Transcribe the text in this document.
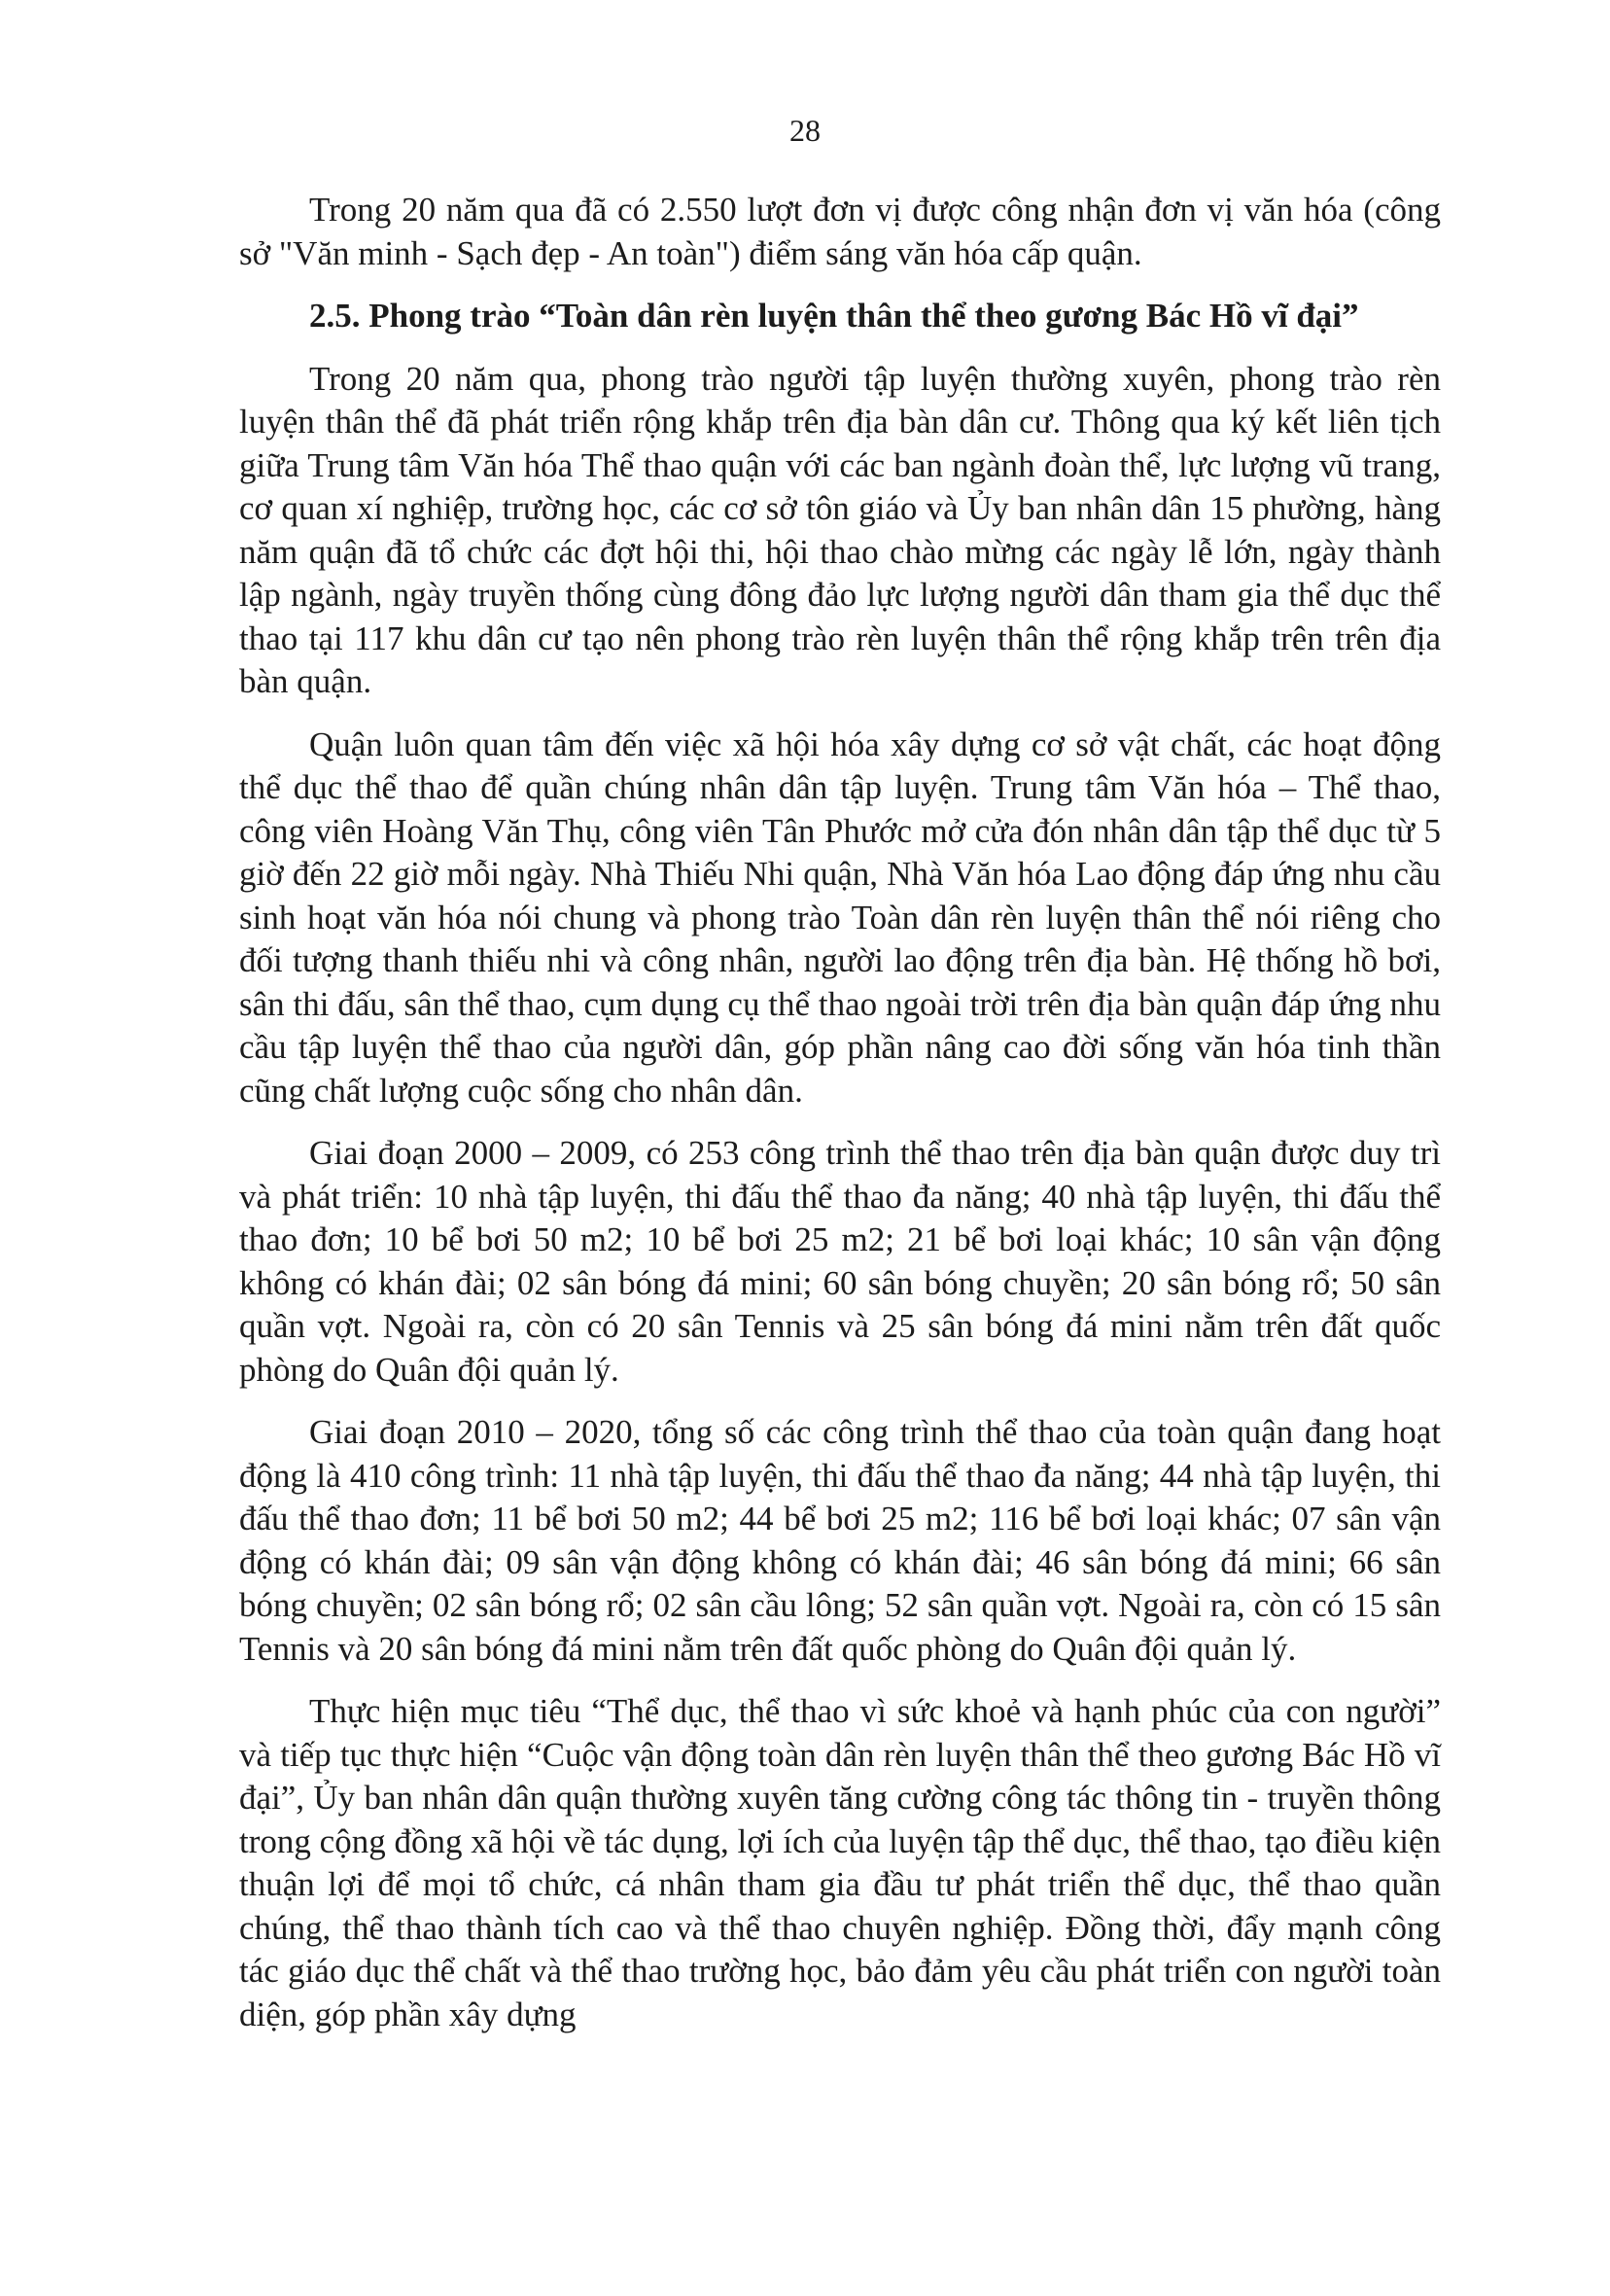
28

Trong 20 năm qua đã có 2.550 lượt đơn vị được công nhận đơn vị văn hóa (công sở "Văn minh - Sạch đẹp - An toàn") điểm sáng văn hóa cấp quận.

2.5. Phong trào “Toàn dân rèn luyện thân thể theo gương Bác Hồ vĩ đại”

Trong 20 năm qua, phong trào người tập luyện thường xuyên, phong trào rèn luyện thân thể đã phát triển rộng khắp trên địa bàn dân cư. Thông qua ký kết liên tịch giữa Trung tâm Văn hóa Thể thao quận với các ban ngành đoàn thể, lực lượng vũ trang, cơ quan xí nghiệp, trường học, các cơ sở tôn giáo và Ủy ban nhân dân 15 phường, hàng năm quận đã tổ chức các đợt hội thi, hội thao chào mừng các ngày lễ lớn, ngày thành lập ngành, ngày truyền thống cùng đông đảo lực lượng người dân tham gia thể dục thể thao tại 117 khu dân cư tạo nên phong trào rèn luyện thân thể rộng khắp trên trên địa bàn quận.

Quận luôn quan tâm đến việc xã hội hóa xây dựng cơ sở vật chất, các hoạt động thể dục thể thao để quần chúng nhân dân tập luyện. Trung tâm Văn hóa – Thể thao, công viên Hoàng Văn Thụ, công viên Tân Phước mở cửa đón nhân dân tập thể dục từ 5 giờ đến 22 giờ mỗi ngày. Nhà Thiếu Nhi quận, Nhà Văn hóa Lao động đáp ứng nhu cầu sinh hoạt văn hóa nói chung và phong trào Toàn dân rèn luyện thân thể nói riêng cho đối tượng thanh thiếu nhi và công nhân, người lao động trên địa bàn. Hệ thống hồ bơi, sân thi đấu, sân thể thao, cụm dụng cụ thể thao ngoài trời trên địa bàn quận đáp ứng nhu cầu tập luyện thể thao của người dân, góp phần nâng cao đời sống văn hóa tinh thần cũng chất lượng cuộc sống cho nhân dân.

Giai đoạn 2000 – 2009, có 253 công trình thể thao trên địa bàn quận được duy trì và phát triển: 10 nhà tập luyện, thi đấu thể thao đa năng; 40 nhà tập luyện, thi đấu thể thao đơn; 10 bể bơi 50 m2; 10 bể bơi 25 m2; 21 bể bơi loại khác; 10 sân vận động không có khán đài; 02 sân bóng đá mini; 60 sân bóng chuyền; 20 sân bóng rổ; 50 sân quần vợt. Ngoài ra, còn có 20 sân Tennis và 25 sân bóng đá mini nằm trên đất quốc phòng do Quân đội quản lý.

Giai đoạn 2010 – 2020, tổng số các công trình thể thao của toàn quận đang hoạt động là 410 công trình: 11 nhà tập luyện, thi đấu thể thao đa năng; 44 nhà tập luyện, thi đấu thể thao đơn; 11 bể bơi 50 m2; 44 bể bơi 25 m2; 116 bể bơi loại khác; 07 sân vận động có khán đài; 09 sân vận động không có khán đài; 46 sân bóng đá mini; 66 sân bóng chuyền; 02 sân bóng rổ; 02 sân cầu lông; 52 sân quần vợt. Ngoài ra, còn có 15 sân Tennis và 20 sân bóng đá mini nằm trên đất quốc phòng do Quân đội quản lý.

Thực hiện mục tiêu “Thể dục, thể thao vì sức khoẻ và hạnh phúc của con người” và tiếp tục thực hiện “Cuộc vận động toàn dân rèn luyện thân thể theo gương Bác Hồ vĩ đại”, Ủy ban nhân dân quận thường xuyên tăng cường công tác thông tin - truyền thông trong cộng đồng xã hội về tác dụng, lợi ích của luyện tập thể dục, thể thao, tạo điều kiện thuận lợi để mọi tổ chức, cá nhân tham gia đầu tư phát triển thể dục, thể thao quần chúng, thể thao thành tích cao và thể thao chuyên nghiệp. Đồng thời, đẩy mạnh công tác giáo dục thể chất và thể thao trường học, bảo đảm yêu cầu phát triển con người toàn diện, góp phần xây dựng
